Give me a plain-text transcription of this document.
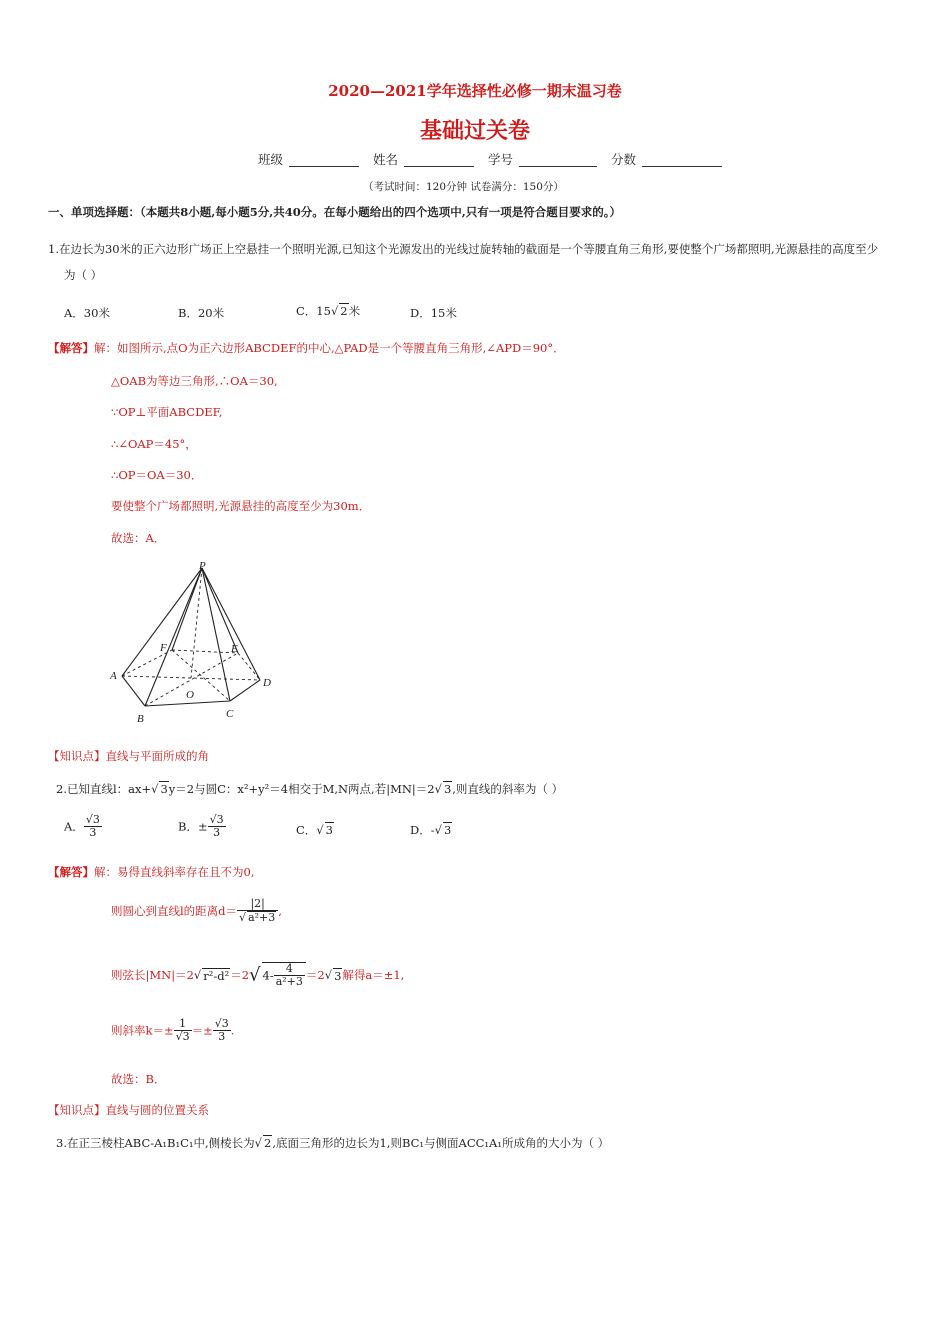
2020—2021学年选择性必修一期末温习卷
基础过关卷
班级	姓名	学号	分数
（考试时间：120分钟 试卷满分：150分）
一、单项选择题：（本题共8小题,每小题5分,共40分。在每小题给出的四个选项中,只有一项是符合题目要求的。）
1.在边长为30米的正六边形广场正上空悬挂一个照明光源,已知这个光源发出的光线过旋转轴的截面是一个等腰直角三角形,要使整个广场都照明,光源悬挂的高度至少
为（ ）
A．30米	B．20米	C．15√ 2米	D．15米
【解答】解：如图所示,点O为正六边形ABCDEF的中心,△PAD是一个等腰直角三角形,∠APD＝90°．
△OAB为等边三角形,∴OA＝30,
∵OP⊥平面ABCDEF,
∴∠OAP＝45°，
∴OP＝OA＝30．
要使整个广场都照明,光源悬挂的高度至少为30m．
故选：A．
P
F	E
A
O
D
B	C
【知识点】直线与平面所成的角
2.已知直线l：ax+√ 3y＝2与圆C：x²+y²＝4相交于M,N两点,若|MN|＝2√ 3,则直线的斜率为（ ）
A． $\frac{√3}{3}$	B．± $\frac{√3}{3}$	C．√ 3	D．-√ 3
【解答】解：易得直线斜率存在且不为0,
则圆心到直线l的距离$d= \frac{|2|}{\text{√ a²+3}}$ ,
则弦长|MN|＝2√ r²-d²＝2√ $4- \frac{4}{\text{a²+3}} =2√$ 3解得a＝±1,
则斜率$k=\pm \frac{1}{√3} =\pm \frac{√3}{3}$ .
故选：B．
【知识点】直线与圆的位置关系
3.在正三棱柱ABC-A₁B₁C₁中,侧棱长为√ 2,底面三角形的边长为1,则BC₁与侧面ACC₁A₁所成角的大小为（ ）
